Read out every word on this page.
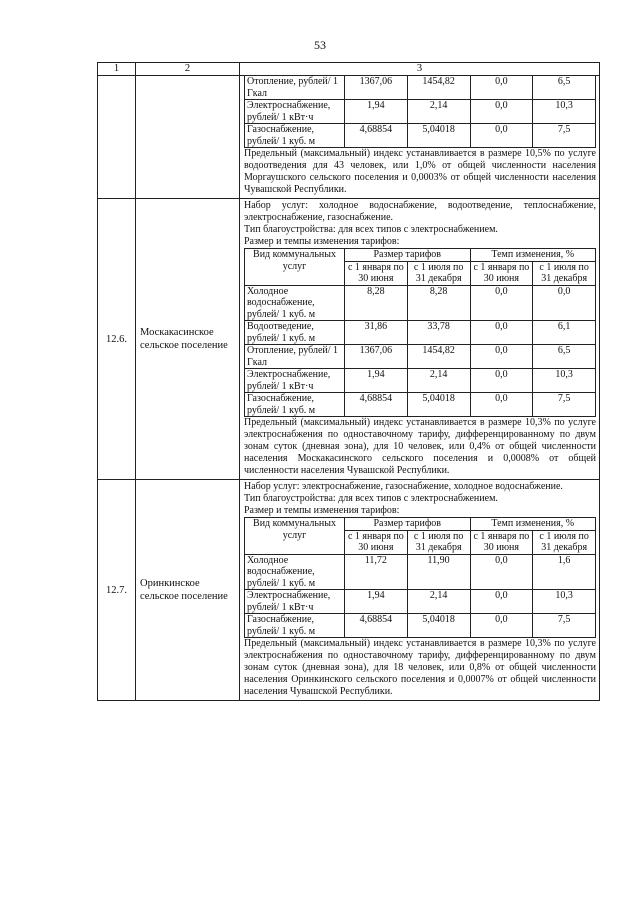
53
1	2	3

Отопление, рублей/ 1 Гкал	1367,06	1454,82	0,0	6,5
Электроснабжение, рублей/ 1 кВт·ч	1,94	2,14	0,0	10,3
Газоснабжение, рублей/ 1 куб. м	4,68854	5,04018	0,0	7,5

Предельный (максимальный) индекс устанавливается в размере 10,5% по услуге водоотведения для 43 человек, или 1,0% от общей численности населения Моргаушского сельского поселения и 0,0003% от общей численности населения Чувашской Республики.

12.6.	Москакасинское сельское поселение	

Набор услуг: холодное водоснабжение, водоотведение, теплоснабжение, электроснабжение, газоснабжение.

Тип благоустройства: для всех типов с электроснабжением.

Размер и темпы изменения тарифов:

Вид коммунальных услуг	Размер тарифов	Темп изменения, %
с 1 января по 30 июня	с 1 июля по 31 декабря	с 1 января по 30 июня	с 1 июля по 31 декабря
Холодное водоснабжение, рублей/ 1 куб. м	8,28	8,28	0,0	0,0
Водоотведение, рублей/ 1 куб. м	31,86	33,78	0,0	6,1
Отопление, рублей/ 1 Гкал	1367,06	1454,82	0,0	6,5
Электроснабжение, рублей/ 1 кВт·ч	1,94	2,14	0,0	10,3
Газоснабжение, рублей/ 1 куб. м	4,68854	5,04018	0,0	7,5

Предельный (максимальный) индекс устанавливается в размере 10,3% по услуге электроснабжения по одноставочному тарифу, дифференцированному по двум зонам суток (дневная зона), для 10 человек, или 0,4% от общей численности населения Москакасинского сельского поселения и 0,0008% от общей численности населения Чувашской Республики.

12.7.	Оринкинское сельское поселение	

Набор услуг: электроснабжение, газоснабжение, холодное водоснабжение.

Тип благоустройства: для всех типов с электроснабжением.

Размер и темпы изменения тарифов:

Вид коммунальных услуг	Размер тарифов	Темп изменения, %
с 1 января по 30 июня	с 1 июля по 31 декабря	с 1 января по 30 июня	с 1 июля по 31 декабря
Холодное водоснабжение, рублей/ 1 куб. м	11,72	11,90	0,0	1,6
Электроснабжение, рублей/ 1 кВт·ч	1,94	2,14	0,0	10,3
Газоснабжение, рублей/ 1 куб. м	4,68854	5,04018	0,0	7,5

Предельный (максимальный) индекс устанавливается в размере 10,3% по услуге электроснабжения по одноставочному тарифу, дифференцированному по двум зонам суток (дневная зона), для 18 человек, или 0,8% от общей численности населения Оринкинского сельского поселения и 0,0007% от общей численности населения Чувашской Республики.
